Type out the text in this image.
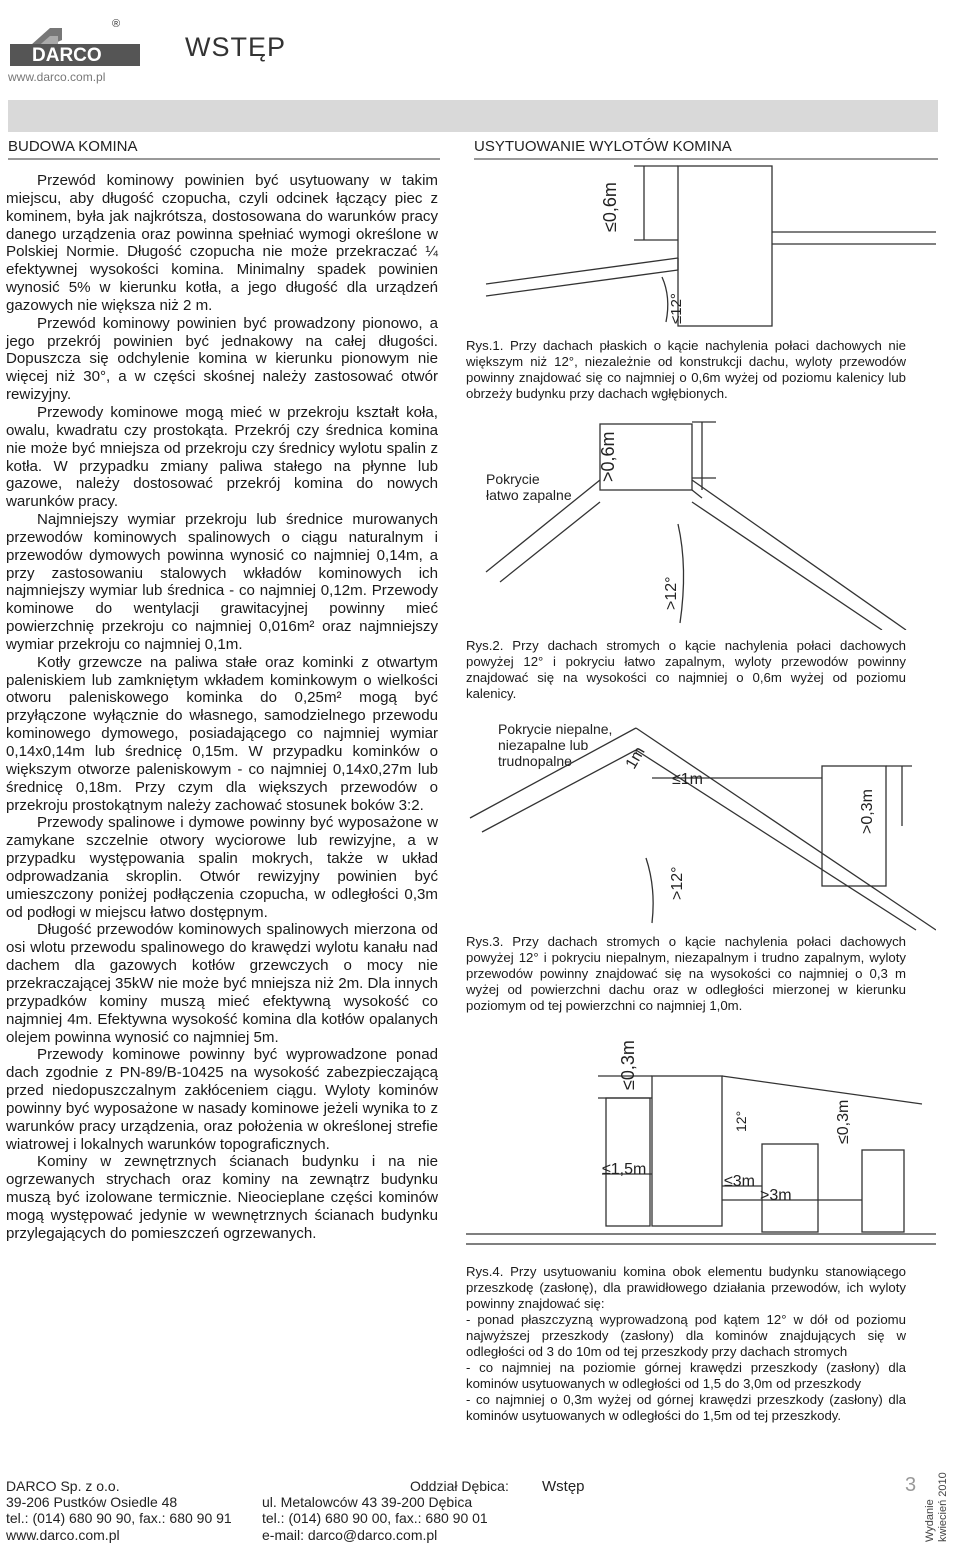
DARCO
®
www.darco.com.pl
WSTĘP
BUDOWA KOMINA	USYTUOWANIE WYLOTÓW KOMINA

Przewód kominowy powinien być usytuowany w takim miejscu, aby długość czopucha, czyli odcinek łączący piec z kominem, była jak najkrótsza, dostosowana do warunków pracy danego urządzenia oraz powinna spełniać wymogi określone w Polskiej Normie. Długość czopucha nie może przekraczać ¼ efektywnej wysokości komina. Minimalny spadek powinien wynosić 5% w kierunku kotła, a jego długość dla urządzeń gazowych nie większa niż 2 m.

Przewód kominowy powinien być prowadzony pionowo, a jego przekrój powinien być jednakowy na całej długości. Dopuszcza się odchylenie komina w kierunku pionowym nie więcej niż 30°, a w części skośnej należy zastosować otwór rewizyjny.

Przewody kominowe mogą mieć w przekroju kształt koła, owalu, kwadratu czy prostokąta. Przekrój czy średnica komina nie może być mniejsza od przekroju czy średnicy wylotu spalin z kotła. W przypadku zmiany paliwa stałego na płynne lub gazowe, należy dostosować przekrój komina do nowych warunków pracy.

Najmniejszy wymiar przekroju lub średnice murowanych przewodów kominowych spalinowych o ciągu naturalnym i przewodów dymowych powinna wynosić co najmniej 0,14m, a przy zastosowaniu stalowych wkładów kominowych ich najmniejszy wymiar lub średnica - co najmniej 0,12m. Przewody kominowe do wentylacji grawitacyjnej powinny mieć powierzchnię przekroju co najmniej 0,016m² oraz najmniejszy wymiar przekroju co najmniej 0,1m.

Kotły grzewcze na paliwa stałe oraz kominki z otwartym paleniskiem lub zamkniętym wkładem kominkowym o wielkości otworu paleniskowego kominka do 0,25m² mogą być przyłączone wyłącznie do własnego, samodzielnego przewodu kominowego dymowego, posiadającego co najmniej wymiar 0,14x0,14m lub średnicę 0,15m. W przypadku kominków o większym otworze paleniskowym - co najmniej 0,14x0,27m lub średnicę 0,18m. Przy czym dla większych przewodów o przekroju prostokątnym należy zachować stosunek boków 3:2.

Przewody spalinowe i dymowe powinny być wyposażone w zamykane szczelnie otwory wyciorowe lub rewizyjne, a w przypadku występowania spalin mokrych, także w układ odprowadzania skroplin. Otwór rewizyjny powinien być umieszczony poniżej podłączenia czopucha, w odległości 0,3m od podłogi w miejscu łatwo dostępnym.

Długość przewodów kominowych spalinowych mierzona od osi wlotu przewodu spalinowego do krawędzi wylotu kanału nad dachem dla gazowych kotłów grzewczych o mocy nie przekraczającej 35kW nie może być mniejsza niż 2m. Dla innych przypadków kominy muszą mieć efektywną wysokość co najmniej 4m. Efektywna wysokość komina dla kotłów opalanych olejem powinna wynosić co najmniej 5m.

Przewody kominowe powinny być wyprowadzone ponad dach zgodnie z PN-89/B-10425 na wysokość zabezpieczającą przed niedopuszczalnym zakłóceniem ciągu. Wyloty kominów powinny być wyposażone w nasady kominowe jeżeli wynika to z warunków pracy urządzenia, oraz położenia w określonej strefie wiatrowej i lokalnych warunków topograficznych.

Kominy w zewnętrznych ścianach budynku i na nie ogrzewanych strychach oraz kominy na zewnątrz budynku muszą być izolowane termicznie. Nieocieplane części kominów mogą występować jedynie w wewnętrznych ścianach budynku przylegających do pomieszczeń ogrzewanych.

≤0,6m
≤12°

Rys.1. Przy dachach płaskich o kącie nachylenia połaci dachowych nie większym niż 12°, niezależnie od konstrukcji dachu, wyloty przewodów powinny znajdować się co najmniej o 0,6m wyżej od poziomu kalenicy lub obrzeży budynku przy dachach wgłębionych.

Pokrycie
łatwo zapalne
>0,6m
>12°

Rys.2. Przy dachach stromych o kącie nachylenia połaci dachowych powyżej 12° i pokryciu łatwo zapalnym, wyloty przewodów powinny znajdować się na wysokości co najmniej o 0,6m wyżej od poziomu kalenicy.

Pokrycie niepalne,
niezapalne lub
trudnopalne	1m
≤1m
>0,3m
>12°

Rys.3. Przy dachach stromych o kącie nachylenia połaci dachowych powyżej 12° i pokryciu niepalnym, niezapalnym i trudno zapalnym, wyloty przewodów powinny znajdować się na wysokości co najmniej o 0,3 m wyżej od powierzchni dachu oraz w odległości mierzonej w kierunku poziomym od tej powierzchni co najmniej 1,0m.

≤0,3m
≤0,3m
12°
≤1,5m
≤3m
>3m

Rys.4. Przy usytuowaniu komina obok elementu budynku stanowiącego przeszkodę (zasłonę), dla prawidłowego działania przewodów, ich wyloty powinny znajdować się:

- ponad płaszczyzną wyprowadzoną pod kątem 12° w dół od poziomu najwyższej przeszkody (zasłony) dla kominów znajdujących się w odległości od 3 do 10m od tej przeszkody przy dachach stromych

- co najmniej na poziomie górnej krawędzi przeszkody (zasłony) dla kominów usytuowanych w odległości od 1,5 do 3,0m od przeszkody

- co najmniej o 0,3m wyżej od górnej krawędzi przeszkody (zasłony) dla kominów usytuowanych w odległości do 1,5m od tej przeszkody.

DARCO Sp. z o.o.
39-206 Pustków Osiedle 48
tel.: (014) 680 90 90, fax.: 680 90 91
www.darco.com.pl
Oddział Dębica:
ul. Metalowców 43 39-200 Dębica
tel.: (014) 680 90 00, fax.: 680 90 01
e-mail: darco@darco.com.pl
Wstęp	3
Wydanie kwiecień 2010
